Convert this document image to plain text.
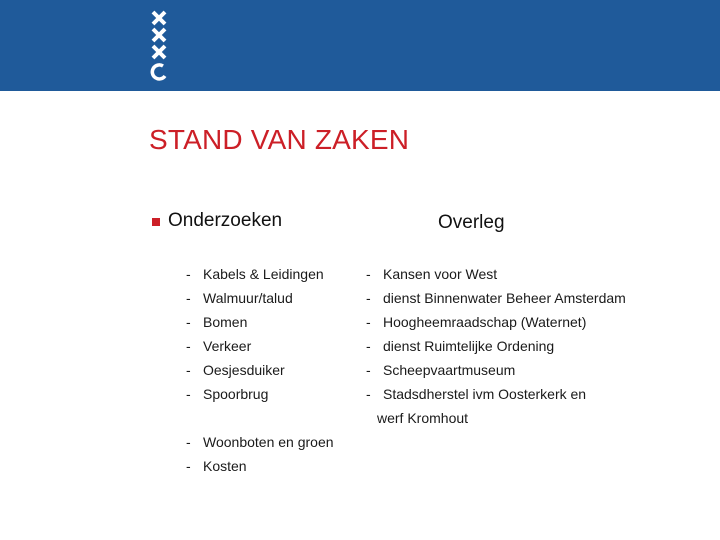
STAND VAN ZAKEN
Onderzoeken	Overleg
- Kabels & Leidingen
- Walmuur/talud
- Bomen
- Verkeer
- Oesjesduiker
- Spoorbrug
- Woonboten en groen
- Kosten
- Kansen voor West
- dienst Binnenwater Beheer Amsterdam
- Hoogheemraadschap (Waternet)
- dienst Ruimtelijke Ordening
- Scheepvaartmuseum
- Stadsdherstel ivm Oosterkerk en
werf Kromhout
